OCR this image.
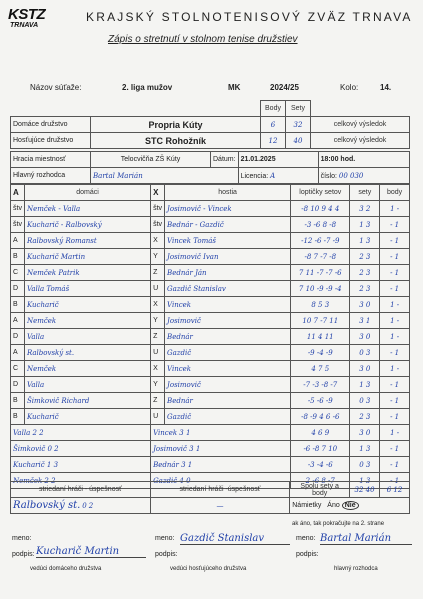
KSTZ
TRNAVA
KRAJSKÝ STOLNOTENISOVÝ ZVÄZ TRNAVA
Zápis o stretnutí v stolnom tenise družstiev
Názov súťaže:	2. liga mužov	MK	2024/25	Kolo:	14.
		Body	Sety	
Domáce družstvo	Propria Kúty	6	32	celkový výsledok
Hosťujúce družstvo	STC Rohožník	12	40	celkový výsledok
Hracia miestnosť	Telocvičňa ZŠ Kúty	Dátum:	21.01.2025	18:00 hod.
Hlavný rozhodca	Bartal Marián		Licencia: A	číslo: 00 030
A	domáci	X	hostia	loptičky setov	sety	body
štv	Nemček - Valla	štv	Josimovič - Vincek	-8 10 9 4 4	3 2	1 -
štv	Kucharič - Ralbovský	štv	Bednár - Gazdič	-3 -6 8 -8	1 3	- 1
A	Ralbovský Romanst	X	Vincek Tomáš	-12 -6 -7 -9	1 3	- 1
B	Kucharič Martin	Y	Josimovič Ivan	-8 7 -7 -8	2 3	- 1
C	Nemček Patrik	Z	Bednár Ján	7 11 -7 -7 -6	2 3	- 1
D	Valla Tomáš	U	Gazdič Stanislav	7 10 -9 -9 -4	2 3	- 1
B	Kucharič	X	Vincek	8 5 3	3 0	1 -
A	Nemček	Y	Josimovič	10 7 -7 11	3 1	1 -
D	Valla	Z	Bednár	11 4 11	3 0	1 -
A	Ralbovský st.	U	Gazdič	-9 -4 -9	0 3	- 1
C	Nemček	X	Vincek	4 7 5	3 0	1 -
D	Valla	Y	Josimovič	-7 -3 -8 -7	1 3	- 1
B	Šimkovič Richard	Z	Bednár	-5 -6 -9	0 3	- 1
B	Kucharič	U	Gazdič	-8 -9 4 6 -6	2 3	- 1
Valla 2 2		Vincek 3 1		4 6 9	3 0	1 -
Šimkovič 0 2		Josimovič 3 1		-6 -8 7 10	1 3	- 1
Kucharič 1 3		Bednár 3 1		-3 -4 -6	0 3	- 1
Nemček 2 2		Gazdič 4 0		2 -6 8 -7	1 3	- 1
striedaní hráči - úspešnosť	striedaní hráči -úspešnosť	Spolu sety a body	32 40	6 12
Ralbovský st. 0 2	—	Námietky Áno Nie		
ak áno, tak pokračujte na 2. strane
meno:
podpis: Kucharič Martin
vedúci domáceho družstva
meno:
podpis:
Gazdič Stanislav
vedúci hosťujúceho družstva
meno:
podpis:
Bartal Marián
hlavný rozhodca
